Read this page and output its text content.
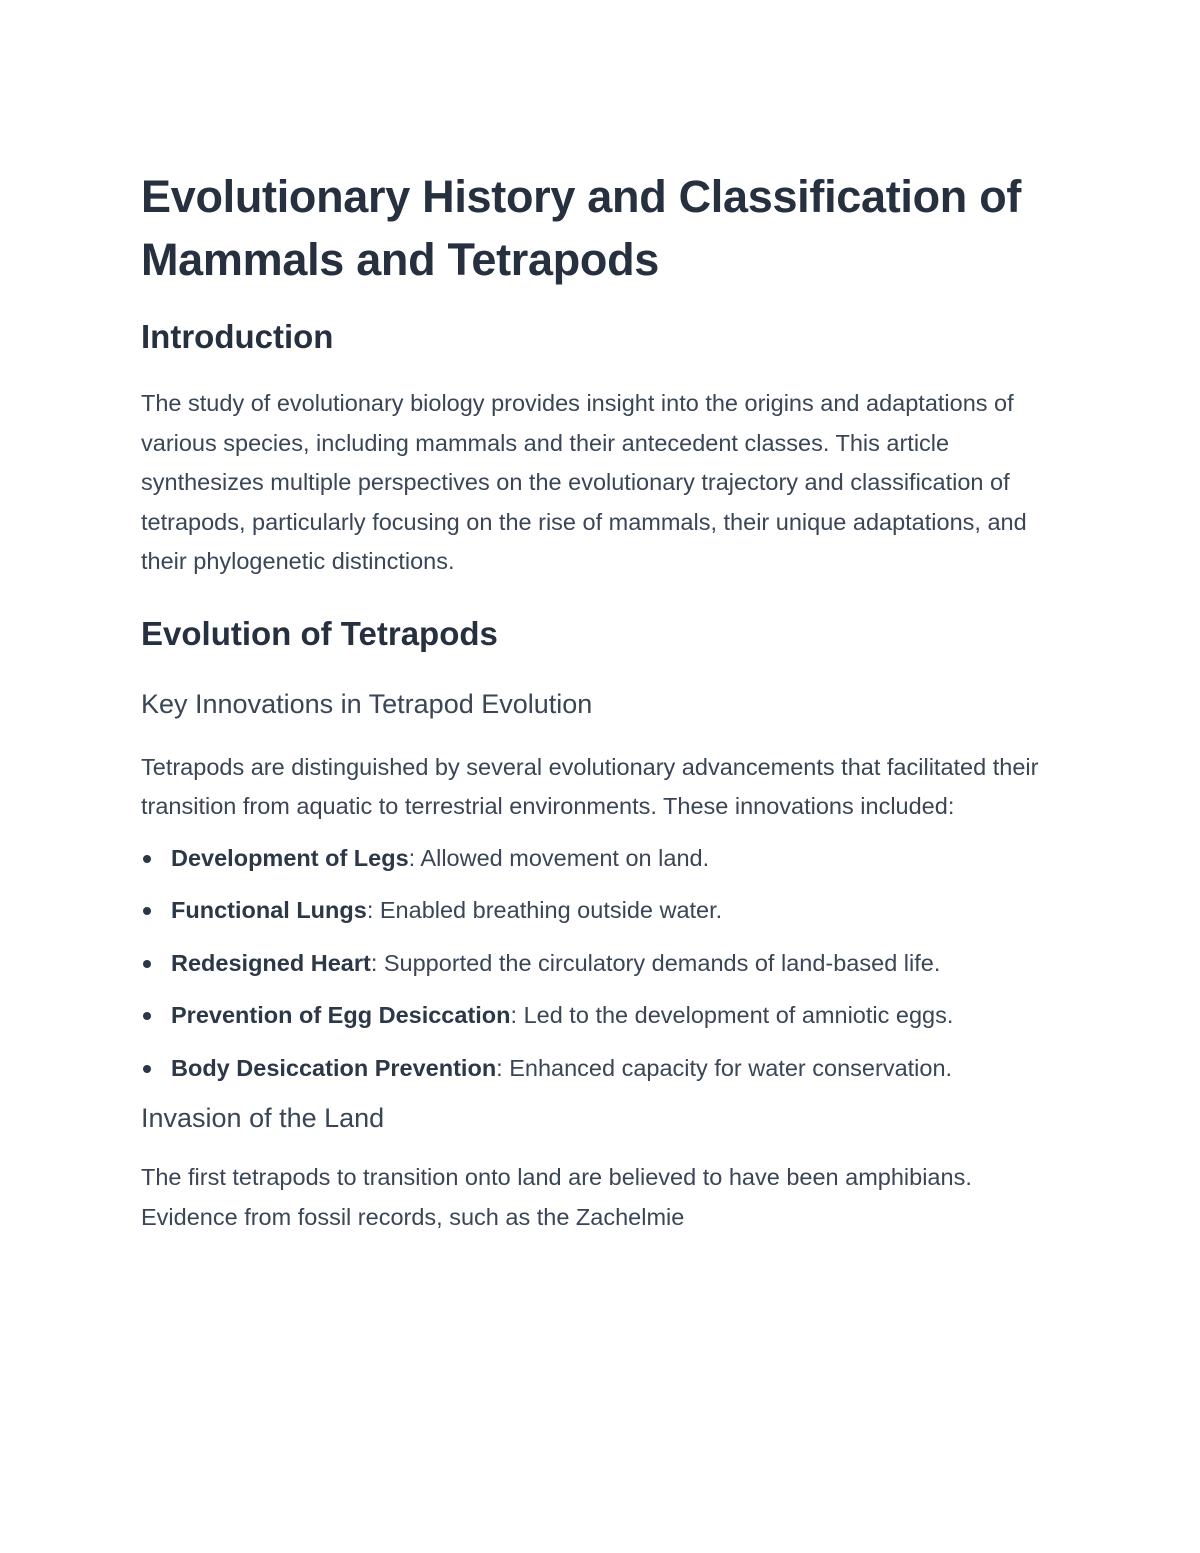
Evolutionary History and Classification of Mammals and Tetrapods
Introduction

The study of evolutionary biology provides insight into the origins and adaptations of various species, including mammals and their antecedent classes. This article synthesizes multiple perspectives on the evolutionary trajectory and classification of tetrapods, particularly focusing on the rise of mammals, their unique adaptations, and their phylogenetic distinctions.

Evolution of Tetrapods
Key Innovations in Tetrapod Evolution

Tetrapods are distinguished by several evolutionary advancements that facilitated their transition from aquatic to terrestrial environments. These innovations included:

Development of Legs: Allowed movement on land.
Functional Lungs: Enabled breathing outside water.
Redesigned Heart: Supported the circulatory demands of land-based life.
Prevention of Egg Desiccation: Led to the development of amniotic eggs.
Body Desiccation Prevention: Enhanced capacity for water conservation.
Invasion of the Land

The first tetrapods to transition onto land are believed to have been amphibians. Evidence from fossil records, such as the Zachelmie
